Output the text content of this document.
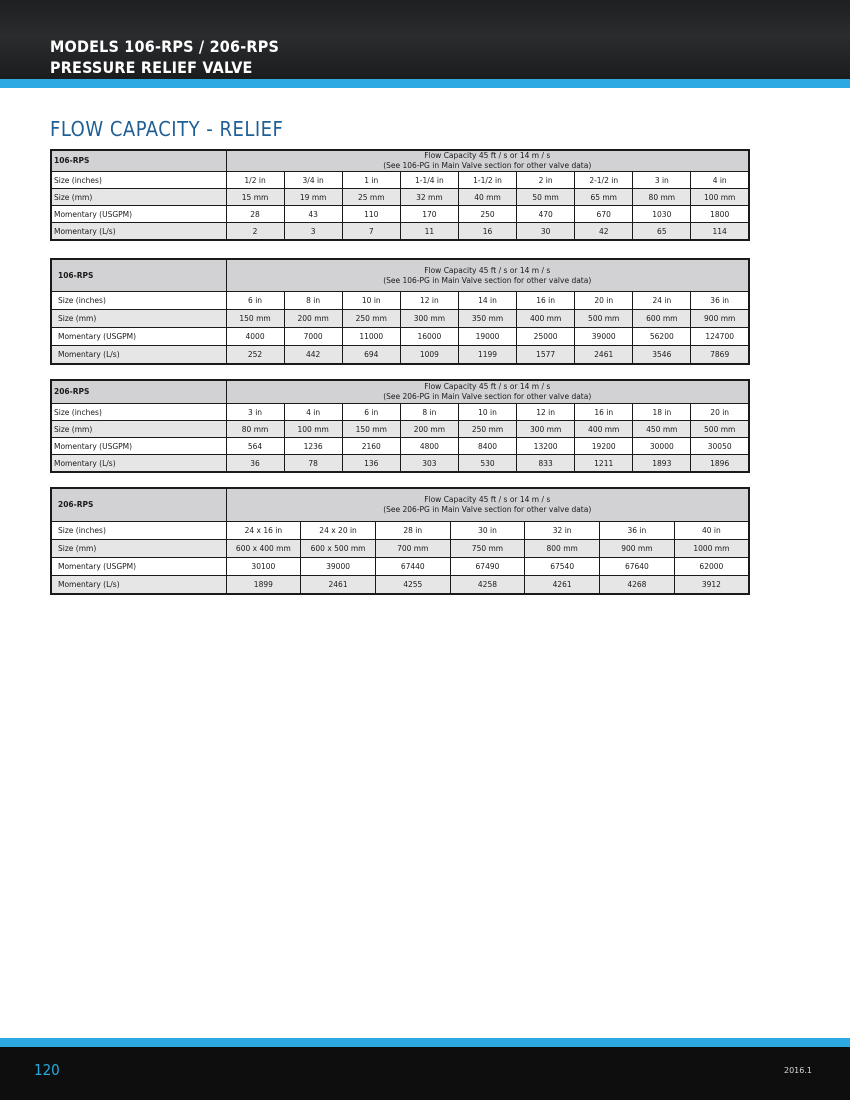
MODELS 106-RPS / 206-RPS
PRESSURE RELIEF VALVE
FLOW CAPACITY - RELIEF
106-RPS	Flow Capacity 45 ft / s or 14 m / s
(See 106-PG in Main Valve section for other valve data)								

Size (inches)	1/2 in	3/4 in	1 in	1-1/4 in	1-1/2 in	2 in	2-1/2 in	3 in	4 in
Size (mm)	15 mm	19 mm	25 mm	32 mm	40 mm	50 mm	65 mm	80 mm	100 mm
Momentary (USGPM)	28	43	110	170	250	470	670	1030	1800
Momentary (L/s)	2	3	7	11	16	30	42	65	114
106-RPS	Flow Capacity 45 ft / s or 14 m / s
(See 106-PG in Main Valve section for other valve data)								

Size (inches)	6 in	8 in	10 in	12 in	14 in	16 in	20 in	24 in	36 in
Size (mm)	150 mm	200 mm	250 mm	300 mm	350 mm	400 mm	500 mm	600 mm	900 mm
Momentary (USGPM)	4000	7000	11000	16000	19000	25000	39000	56200	124700
Momentary (L/s)	252	442	694	1009	1199	1577	2461	3546	7869
206-RPS	Flow Capacity 45 ft / s or 14 m / s
(See 206-PG in Main Valve section for other valve data)								

Size (inches)	3 in	4 in	6 in	8 in	10 in	12 in	16 in	18 in	20 in
Size (mm)	80 mm	100 mm	150 mm	200 mm	250 mm	300 mm	400 mm	450 mm	500 mm
Momentary (USGPM)	564	1236	2160	4800	8400	13200	19200	30000	30050
Momentary (L/s)	36	78	136	303	530	833	1211	1893	1896
206-RPS	Flow Capacity 45 ft / s or 14 m / s
(See 206-PG in Main Valve section for other valve data)						

Size (inches)	24 x 16 in	24 x 20 in	28 in	30 in	32 in	36 in	40 in
Size (mm)	600 x 400 mm	600 x 500 mm	700 mm	750 mm	800 mm	900 mm	1000 mm
Momentary (USGPM)	30100	39000	67440	67490	67540	67640	62000
Momentary (L/s)	1899	2461	4255	4258	4261	4268	3912
120	2016.1
